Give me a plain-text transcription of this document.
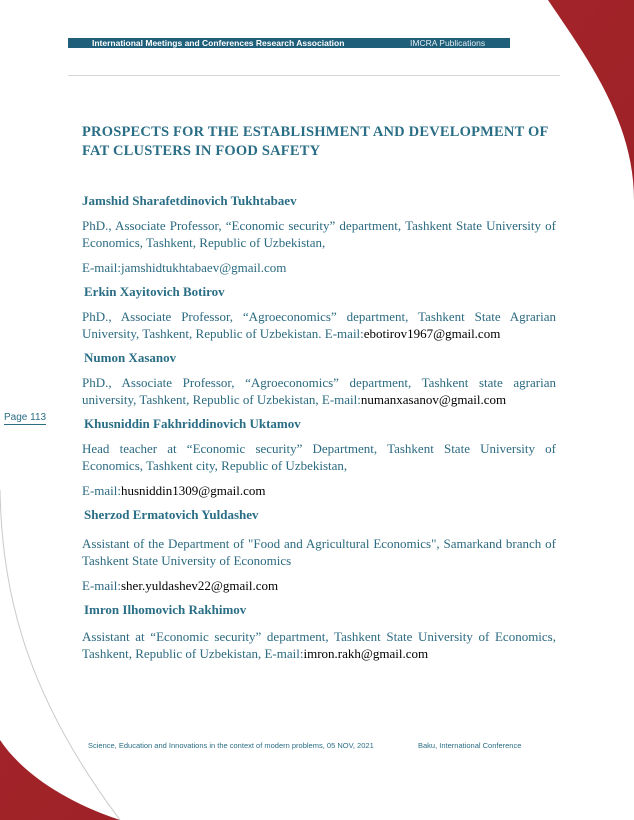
International Meetings and Conferences Research Association	IMCRA Publications
PROSPECTS FOR THE ESTABLISHMENT AND DEVELOPMENT OF FAT CLUSTERS IN FOOD SAFETY
Page 113

Jamshid Sharafetdinovich Tukhtabaev

PhD., Associate Professor, “Economic security” department, Tashkent State University of Economics, Tashkent, Republic of Uzbekistan,

E-mail:jamshidtukhtabaev@gmail.com

Erkin Xayitovich Botirov

PhD., Associate Professor, “Agroeconomics” department, Tashkent State Agrarian University, Tashkent, Republic of Uzbekistan. E-mail:ebotirov1967@gmail.com

Numon Xasanov

PhD., Associate Professor, “Agroeconomics” department, Tashkent state agrarian university, Tashkent, Republic of Uzbekistan, E-mail:numanxasanov@gmail.com

Khusniddin Fakhriddinovich Uktamov

Head teacher at “Economic security” Department, Tashkent State University of Economics, Tashkent city, Republic of Uzbekistan,

E-mail:husniddin1309@gmail.com

Sherzod Ermatovich Yuldashev

Assistant of the Department of "Food and Agricultural Economics", Samarkand branch of Tashkent State University of Economics

E-mail:sher.yuldashev22@gmail.com

Imron Ilhomovich Rakhimov

Assistant at “Economic security” department, Tashkent State University of Economics, Tashkent, Republic of Uzbekistan, E-mail:imron.rakh@gmail.com

Science, Education and Innovations in the context of modern problems, 05 NOV, 2021	Baku, International Conference
